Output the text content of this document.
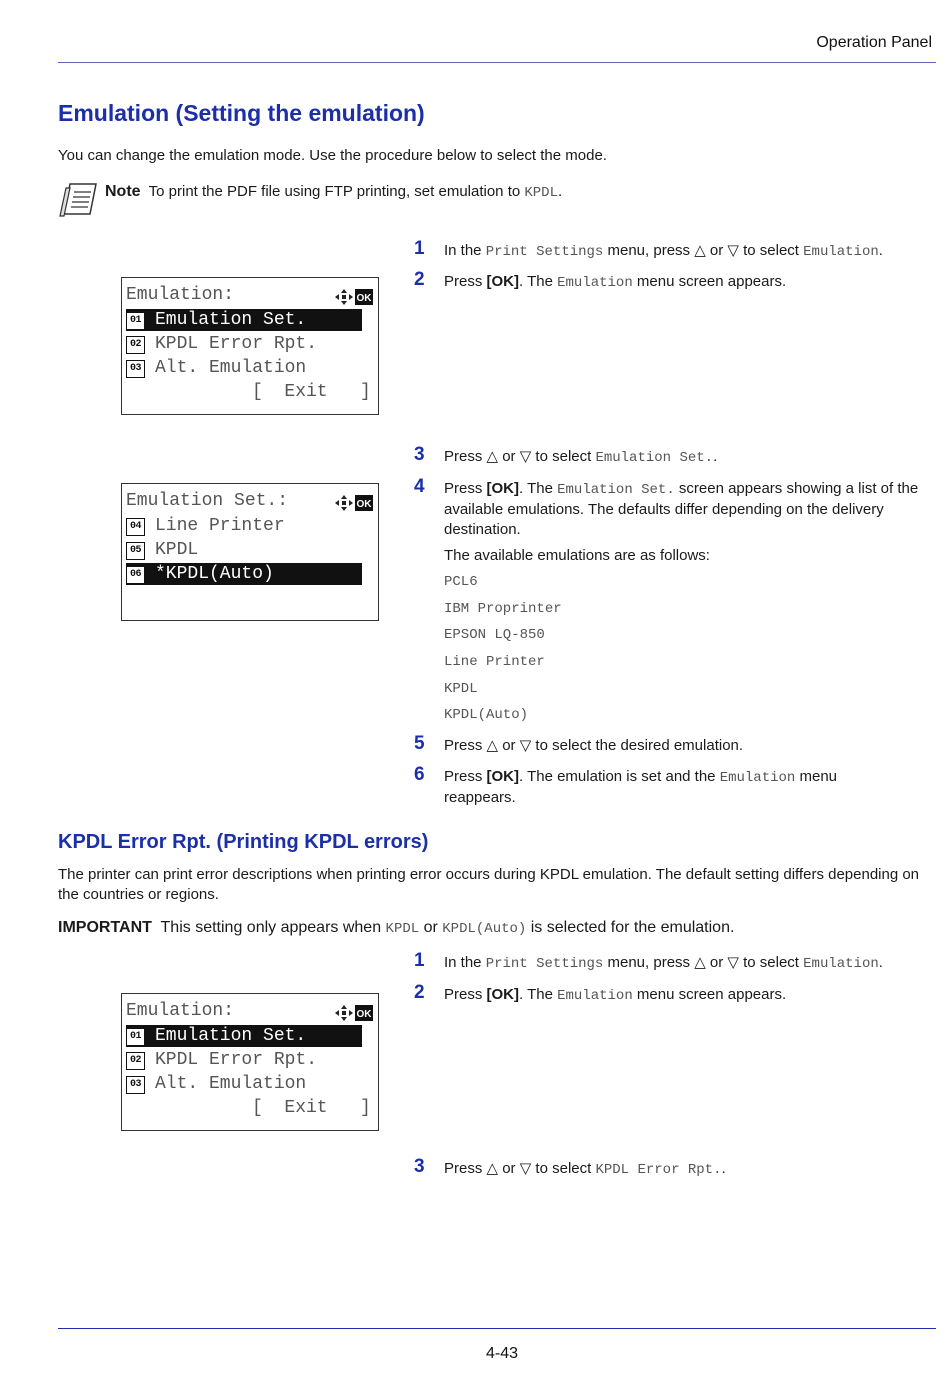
Operation Panel
Emulation (Setting the emulation)
You can change the emulation mode. Use the procedure below to select the mode.
Note To print the PDF file using FTP printing, set emulation to KPDL.
Emulation:	OK
01 Emulation Set.
02 KPDL Error Rpt.
03 Alt. Emulation
[  Exit   ]
Emulation Set.:	OK
04 Line Printer
05 KPDL
06 *KPDL(Auto)
Emulation:	OK
01 Emulation Set.
02 KPDL Error Rpt.
03 Alt. Emulation
[  Exit   ]
1 In the Print Settings menu, press △ or ▽ to select Emulation.
2 Press [OK]. The Emulation menu screen appears.
3 Press △ or ▽ to select Emulation Set..
4 Press [OK]. The Emulation Set. screen appears showing a list of the available emulations. The defaults differ depending on the delivery destination.
The available emulations are as follows:
PCL6
IBM Proprinter
EPSON LQ-850
Line Printer
KPDL
KPDL(Auto)
5 Press △ or ▽ to select the desired emulation.
6 Press [OK]. The emulation is set and the Emulation menu reappears.
KPDL Error Rpt. (Printing KPDL errors)
The printer can print error descriptions when printing error occurs during KPDL emulation. The default setting differs depending on the countries or regions.
IMPORTANT This setting only appears when KPDL or KPDL(Auto) is selected for the emulation.
1 In the Print Settings menu, press △ or ▽ to select Emulation.
2 Press [OK]. The Emulation menu screen appears.
3 Press △ or ▽ to select KPDL Error Rpt..
4-43
